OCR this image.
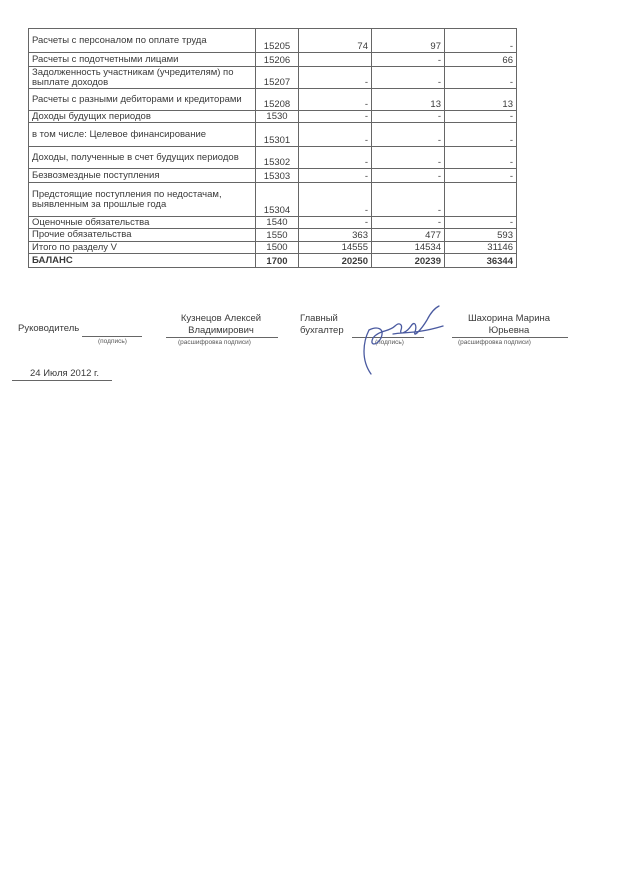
Расчеты с персоналом по оплате труда	15205	74	97	-
Расчеты с подотчетными лицами	15206		-	66
Задолженность участникам (учредителям) по выплате доходов	15207	-	-	-
Расчеты с разными дебиторами и кредиторами	15208	-	13	13
Доходы будущих периодов	1530	-	-	-
в том числе: Целевое финансирование	15301	-	-	-
Доходы, полученные в счет будущих периодов	15302	-	-	-
Безвозмездные поступления	15303	-	-	-
Предстоящие поступления по недостачам, выявленным за прошлые года	15304	-	-	
Оценочные обязательства	1540	-	-	-
Прочие обязательства	1550	363	477	593
Итого по разделу V	1500	14555	14534	31146
БАЛАНС	1700	20250	20239	36344
Руководитель
(подпись)
Кузнецов Алексей
Владимирович
(расшифровка подписи)
Главный
бухгалтер
(подпись)
Шахорина Марина
Юрьевна
(расшифровка подписи)
24 Июля 2012 г.
